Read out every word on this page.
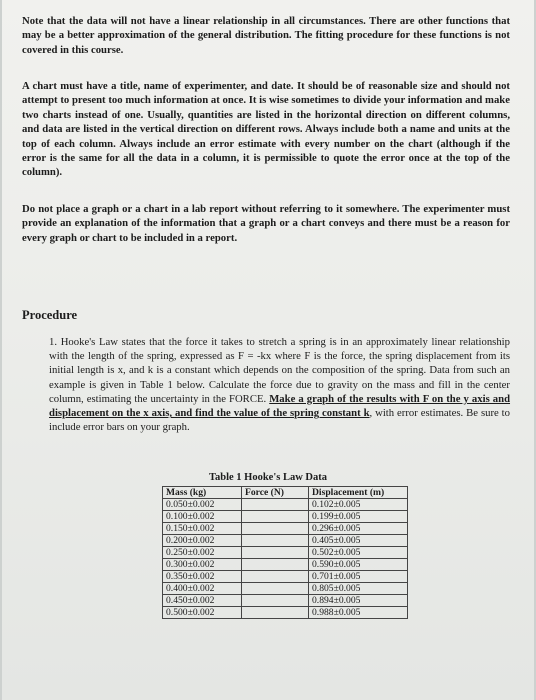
Note that the data will not have a linear relationship in all circumstances. There are other functions that may be a better approximation of the general distribution. The fitting procedure for these functions is not covered in this course.
A chart must have a title, name of experimenter, and date. It should be of reasonable size and should not attempt to present too much information at once. It is wise sometimes to divide your information and make two charts instead of one. Usually, quantities are listed in the horizontal direction on different columns, and data are listed in the vertical direction on different rows. Always include both a name and units at the top of each column. Always include an error estimate with every number on the chart (although if the error is the same for all the data in a column, it is permissible to quote the error once at the top of the column).
Do not place a graph or a chart in a lab report without referring to it somewhere. The experimenter must provide an explanation of the information that a graph or a chart conveys and there must be a reason for every graph or chart to be included in a report.
Procedure
1. Hooke's Law states that the force it takes to stretch a spring is in an approximately linear relationship with the length of the spring, expressed as F = -kx where F is the force, the spring displacement from its initial length is x, and k is a constant which depends on the composition of the spring. Data from such an example is given in Table 1 below. Calculate the force due to gravity on the mass and fill in the center column, estimating the uncertainty in the FORCE. Make a graph of the results with F on the y axis and displacement on the x axis, and find the value of the spring constant k, with error estimates. Be sure to include error bars on your graph.
Table 1 Hooke's Law Data
Mass (kg)	Force (N)	Displacement (m)
0.050±0.002		0.102±0.005
0.100±0.002		0.199±0.005
0.150±0.002		0.296±0.005
0.200±0.002		0.405±0.005
0.250±0.002		0.502±0.005
0.300±0.002		0.590±0.005
0.350±0.002		0.701±0.005
0.400±0.002		0.805±0.005
0.450±0.002		0.894±0.005
0.500±0.002		0.988±0.005
